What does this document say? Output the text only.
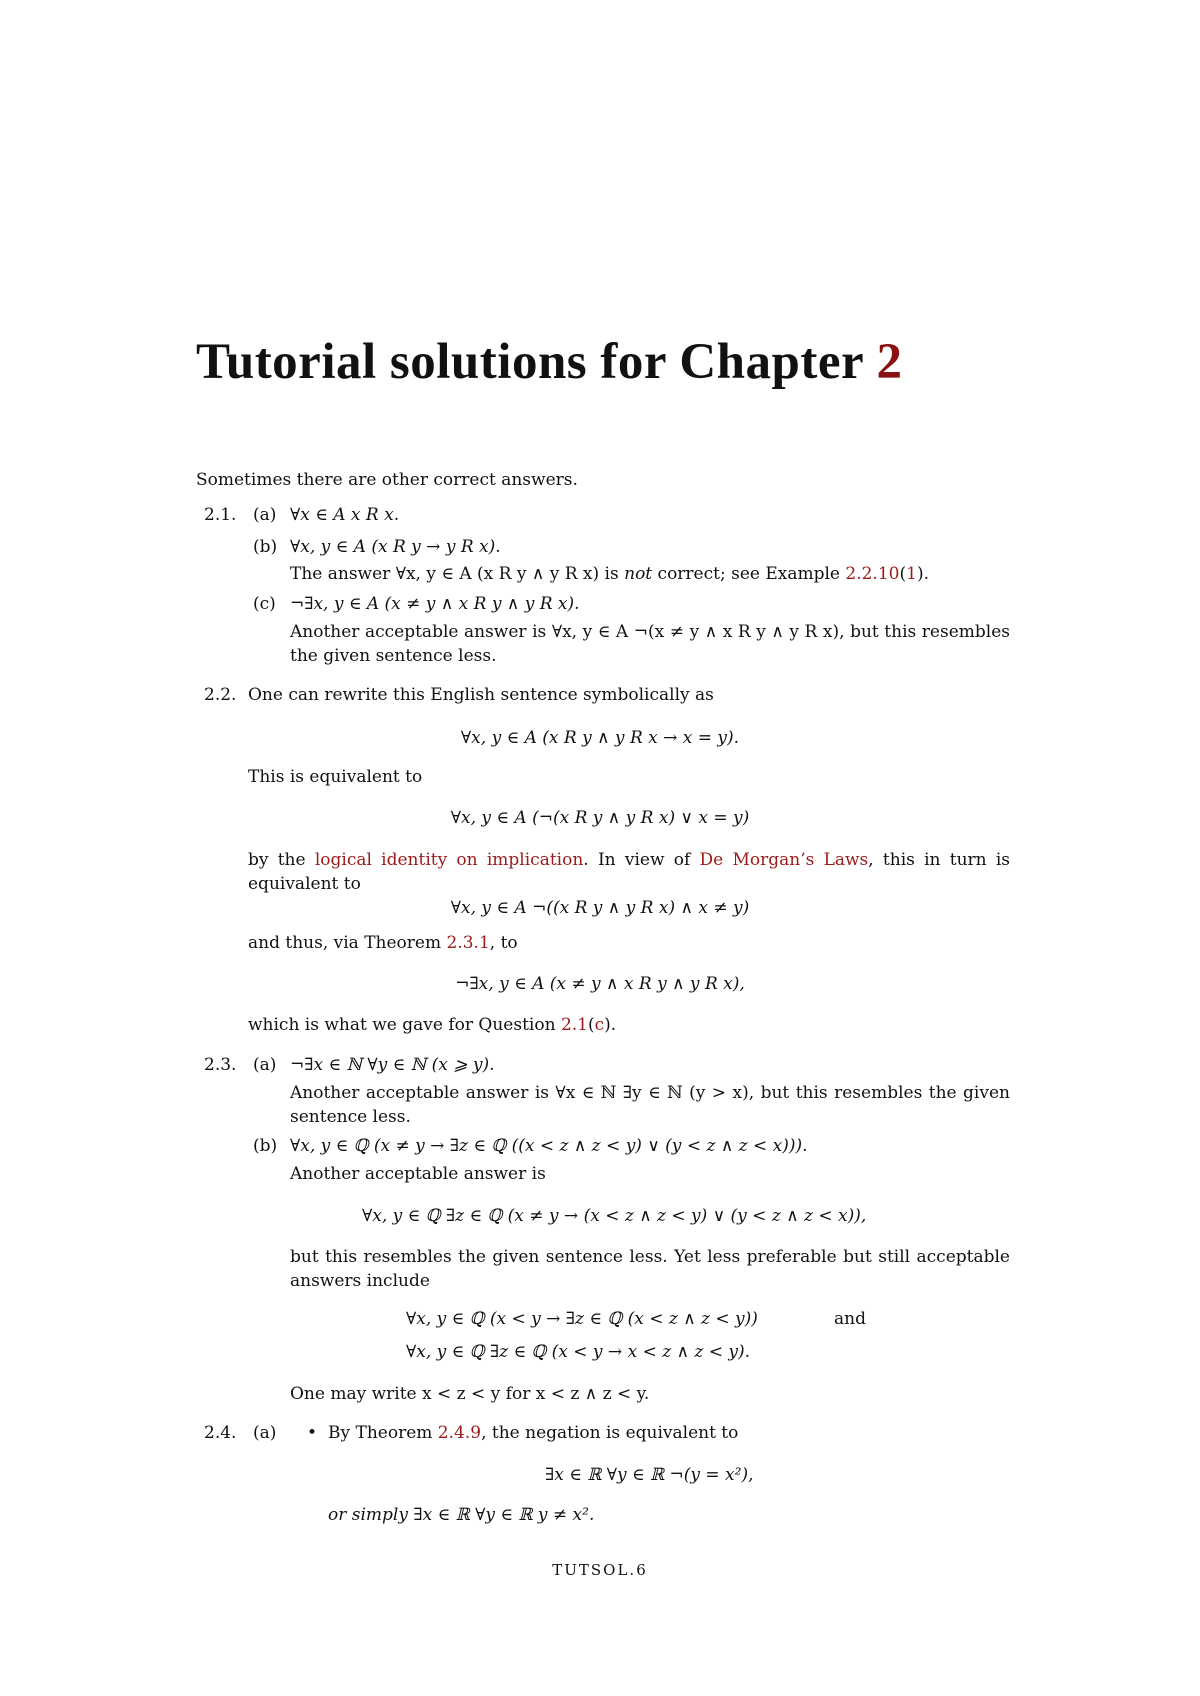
Tutorial solutions for Chapter 2
Sometimes there are other correct answers.
2.1. (a) ∀x ∈ A x R x.
(b) ∀x, y ∈ A (x R y → y R x).
The answer ∀x, y ∈ A (x R y ∧ y R x) is not correct; see Example 2.2.10(1).
(c) ¬∃x, y ∈ A (x ≠ y ∧ x R y ∧ y R x).
Another acceptable answer is ∀x, y ∈ A ¬(x ≠ y ∧ x R y ∧ y R x), but this resembles the given sentence less.
2.2. One can rewrite this English sentence symbolically as
∀x, y ∈ A (x R y ∧ y R x → x = y).
This is equivalent to
∀x, y ∈ A (¬(x R y ∧ y R x) ∨ x = y)
by the logical identity on implication. In view of De Morgan’s Laws, this in turn is equivalent to
∀x, y ∈ A ¬((x R y ∧ y R x) ∧ x ≠ y)
and thus, via Theorem 2.3.1, to
¬∃x, y ∈ A (x ≠ y ∧ x R y ∧ y R x),
which is what we gave for Question 2.1(c).
2.3. (a) ¬∃x ∈ ℕ ∀y ∈ ℕ (x ⩾ y).
Another acceptable answer is ∀x ∈ ℕ ∃y ∈ ℕ (y > x), but this resembles the given sentence less.
(b) ∀x, y ∈ ℚ (x ≠ y → ∃z ∈ ℚ ((x < z ∧ z < y) ∨ (y < z ∧ z < x))).
Another acceptable answer is
∀x, y ∈ ℚ ∃z ∈ ℚ (x ≠ y → (x < z ∧ z < y) ∨ (y < z ∧ z < x)),
but this resembles the given sentence less. Yet less preferable but still acceptable answers include
∀x, y ∈ ℚ (x < y → ∃z ∈ ℚ (x < z ∧ z < y))	and
∀x, y ∈ ℚ ∃z ∈ ℚ (x < y → x < z ∧ z < y).
One may write x < z < y for x < z ∧ z < y.
2.4. (a) • By Theorem 2.4.9, the negation is equivalent to
∃x ∈ ℝ ∀y ∈ ℝ ¬(y = x²),
or simply ∃x ∈ ℝ ∀y ∈ ℝ y ≠ x².
TUTSOL.6
